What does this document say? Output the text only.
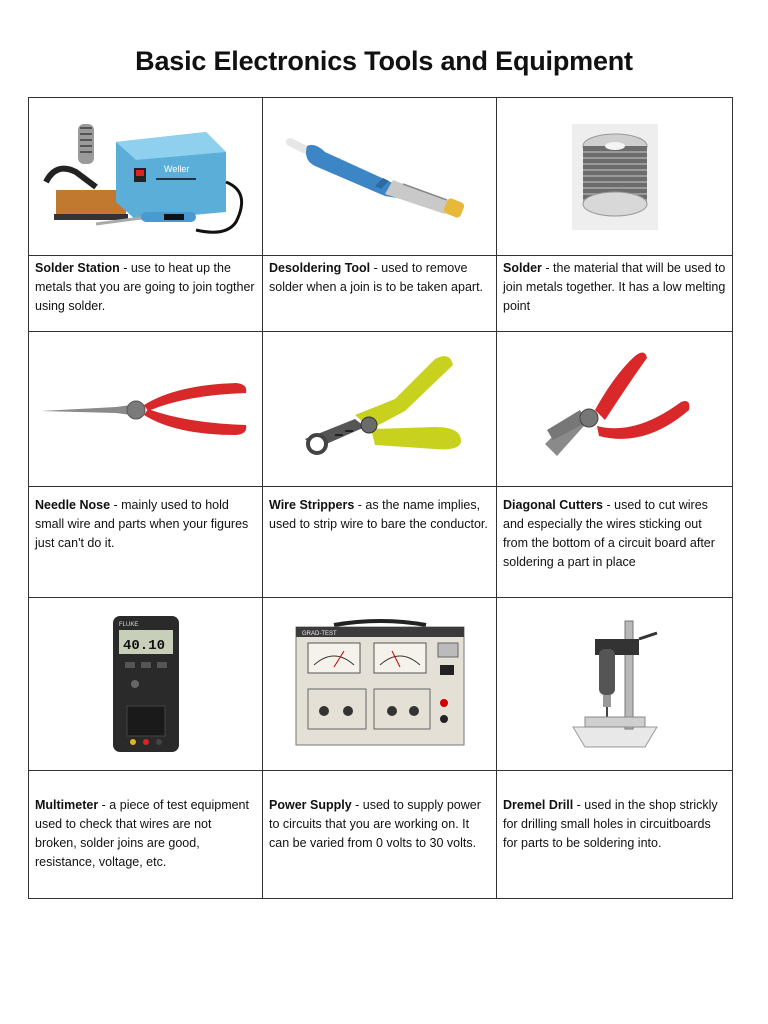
Basic Electronics Tools and Equipment
Weller

Solder Station - use to heat up the metals that you are going to join togther using solder.	Desoldering Tool - used to remove solder when a join is to be taken apart.	Solder - the material that will be used to join metals together. It has a low melting point

Needle Nose - mainly used to hold small wire and parts when your figures just can't do it.	Wire Strippers - as the name implies, used to strip wire to bare the conductor.	Diagonal Cutters - used to cut wires and especially the wires sticking out from the bottom of a circuit board after soldering a part in place

FLUKE
40.10	GRAD-TEST

Multimeter - a piece of test equipment used to check that wires are not broken, solder joins are good, resistance, voltage, etc.	Power Supply - used to supply power to circuits that you are working on. It can be varied from 0 volts to 30 volts.	Dremel Drill - used in the shop strickly for drilling small holes in circuitboards for parts to be soldering into.
